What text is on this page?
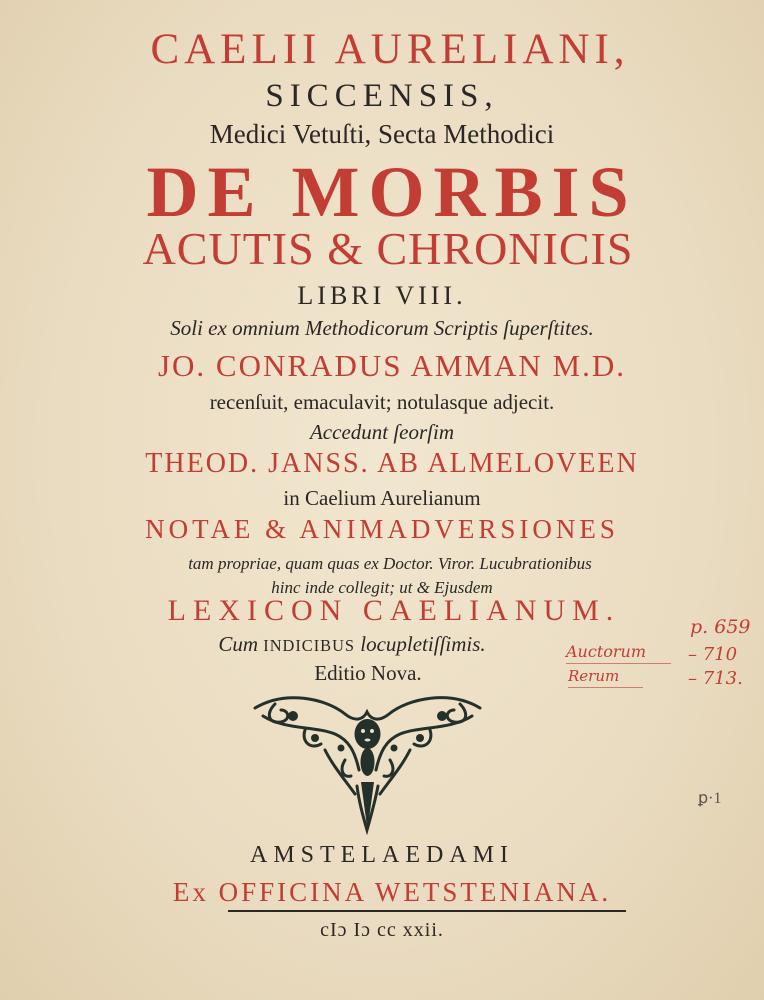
CAELII AURELIANI,

SICCENSIS,

Medici Vetuſti, Secta Methodici

DE MORBIS

ACUTIS & CHRONICIS

LIBRI VIII.

Soli ex omnium Methodicorum Scriptis ſuperſtites.

JO. CONRADUS AMMAN M.D.

recenſuit, emaculavit; notulasque adjecit.

Accedunt ſeorſim

THEOD. JANSS. AB ALMELOVEEN

in Caelium Aurelianum

NOTAE & ANIMADVERSIONES

tam propriae, quam quas ex Doctor. Viror. Lucubrationibus

hinc inde collegit; ut & Ejusdem

LEXICON CAELIANUM.

Cum INDICIBUS locupletiſſimis.

Editio Nova.

AMSTELAEDAMI

Ex OFFICINA WETSTENIANA.

cIɔ Iɔ cc xxii.

p. 659
Auctorum – 710
Rerum	– 713.
ꝑ·1
